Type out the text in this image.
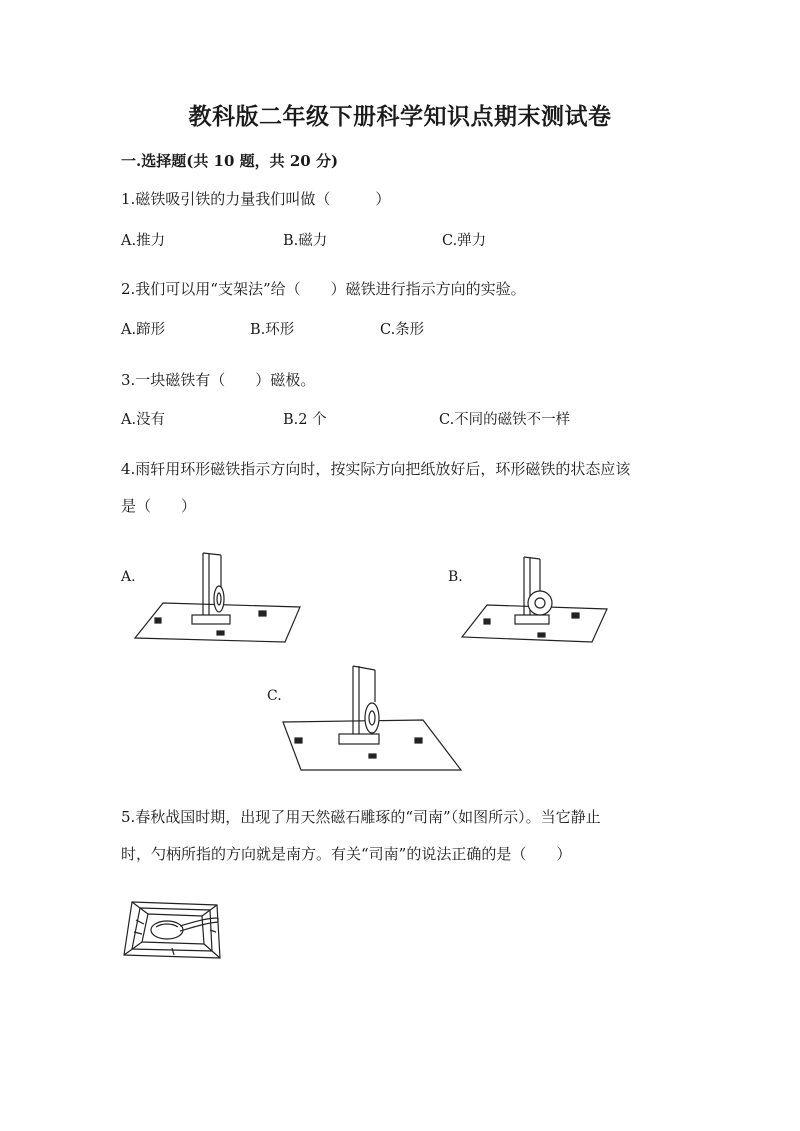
教科版二年级下册科学知识点期末测试卷
一.选择题(共 10 题，共 20 分)
1.磁铁吸引铁的力量我们叫做（　　　）
A.推力	B.磁力	C.弹力
2.我们可以用“支架法”给（　　）磁铁进行指示方向的实验。
A.蹄形	B.环形	C.条形
3.一块磁铁有（　　）磁极。
A.没有	B.2 个	C.不同的磁铁不一样
4.雨轩用环形磁铁指示方向时，按实际方向把纸放好后，环形磁铁的状态应该
是（　　）
A.	B.
C.
5.春秋战国时期，出现了用天然磁石雕琢的“司南”（如图所示）。当它静止
时，勺柄所指的方向就是南方。有关“司南”的说法正确的是（　　）
